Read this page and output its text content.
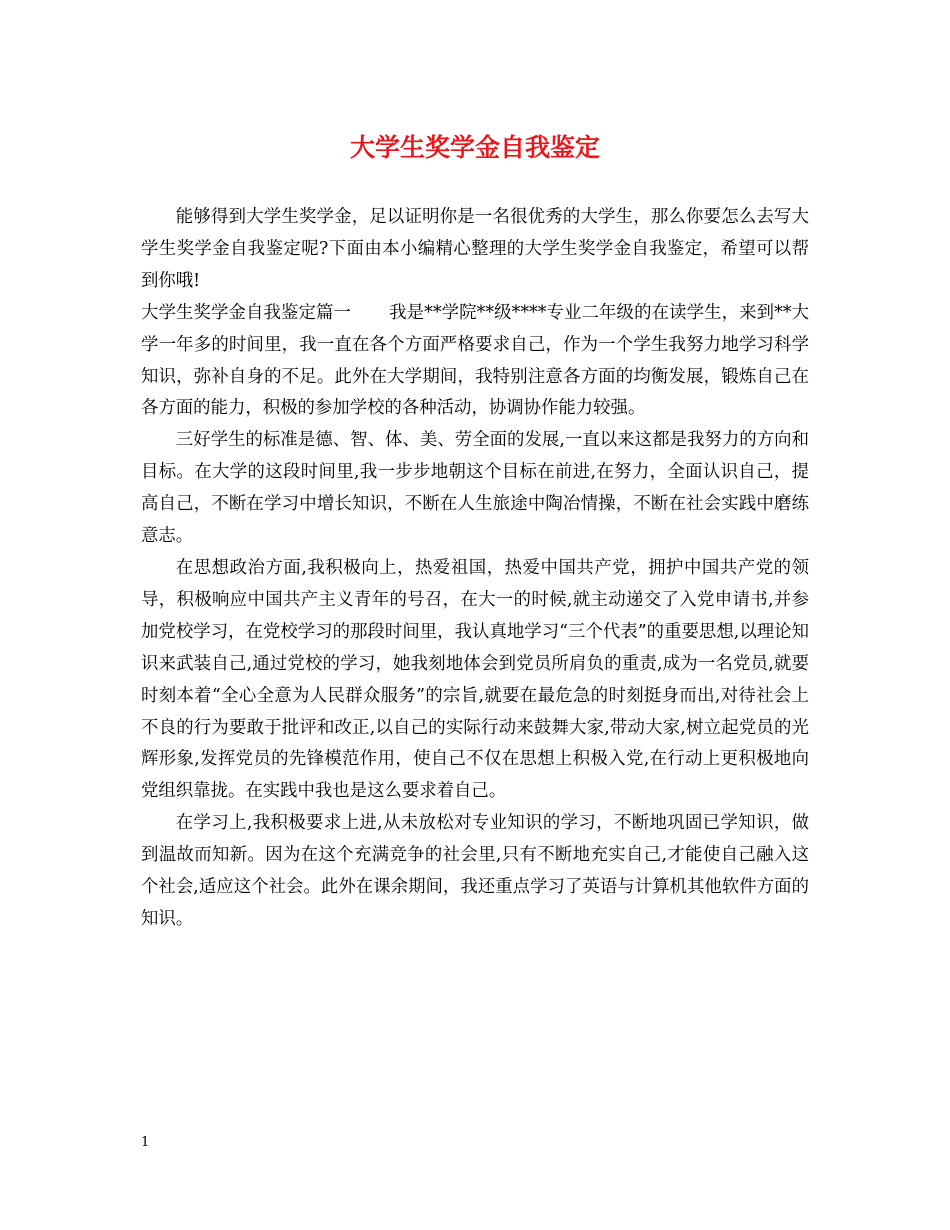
大学生奖学金自我鉴定

能够得到大学生奖学金，足以证明你是一名很优秀的大学生，那么你要怎么去写大学生奖学金自我鉴定呢?下面由本小编精心整理的大学生奖学金自我鉴定，希望可以帮到你哦!

大学生奖学金自我鉴定篇一 我是**学院**级****专业二年级的在读学生，来到**大学一年多的时间里，我一直在各个方面严格要求自己，作为一个学生我努力地学习科学知识，弥补自身的不足。此外在大学期间，我特别注意各方面的均衡发展，锻炼自己在各方面的能力，积极的参加学校的各种活动，协调协作能力较强。

三好学生的标准是德、智、体、美、劳全面的发展,一直以来这都是我努力的方向和目标。在大学的这段时间里,我一步步地朝这个目标在前进,在努力，全面认识自己，提高自己，不断在学习中增长知识，不断在人生旅途中陶冶情操，不断在社会实践中磨练意志。

在思想政治方面,我积极向上，热爱祖国，热爱中国共产党，拥护中国共产党的领导，积极响应中国共产主义青年的号召，在大一的时候,就主动递交了入党申请书,并参加党校学习，在党校学习的那段时间里，我认真地学习“三个代表”的重要思想,以理论知识来武装自己,通过党校的学习，她我刻地体会到党员所肩负的重责,成为一名党员,就要时刻本着“全心全意为人民群众服务”的宗旨,就要在最危急的时刻挺身而出,对待社会上不良的行为要敢于批评和改正,以自己的实际行动来鼓舞大家,带动大家,树立起党员的光辉形象,发挥党员的先锋模范作用，使自己不仅在思想上积极入党,在行动上更积极地向党组织靠拢。在实践中我也是这么要求着自己。

在学习上,我积极要求上进,从未放松对专业知识的学习，不断地巩固已学知识，做到温故而知新。因为在这个充满竞争的社会里,只有不断地充实自己,才能使自己融入这个社会,适应这个社会。此外在课余期间，我还重点学习了英语与计算机其他软件方面的知识。

1
